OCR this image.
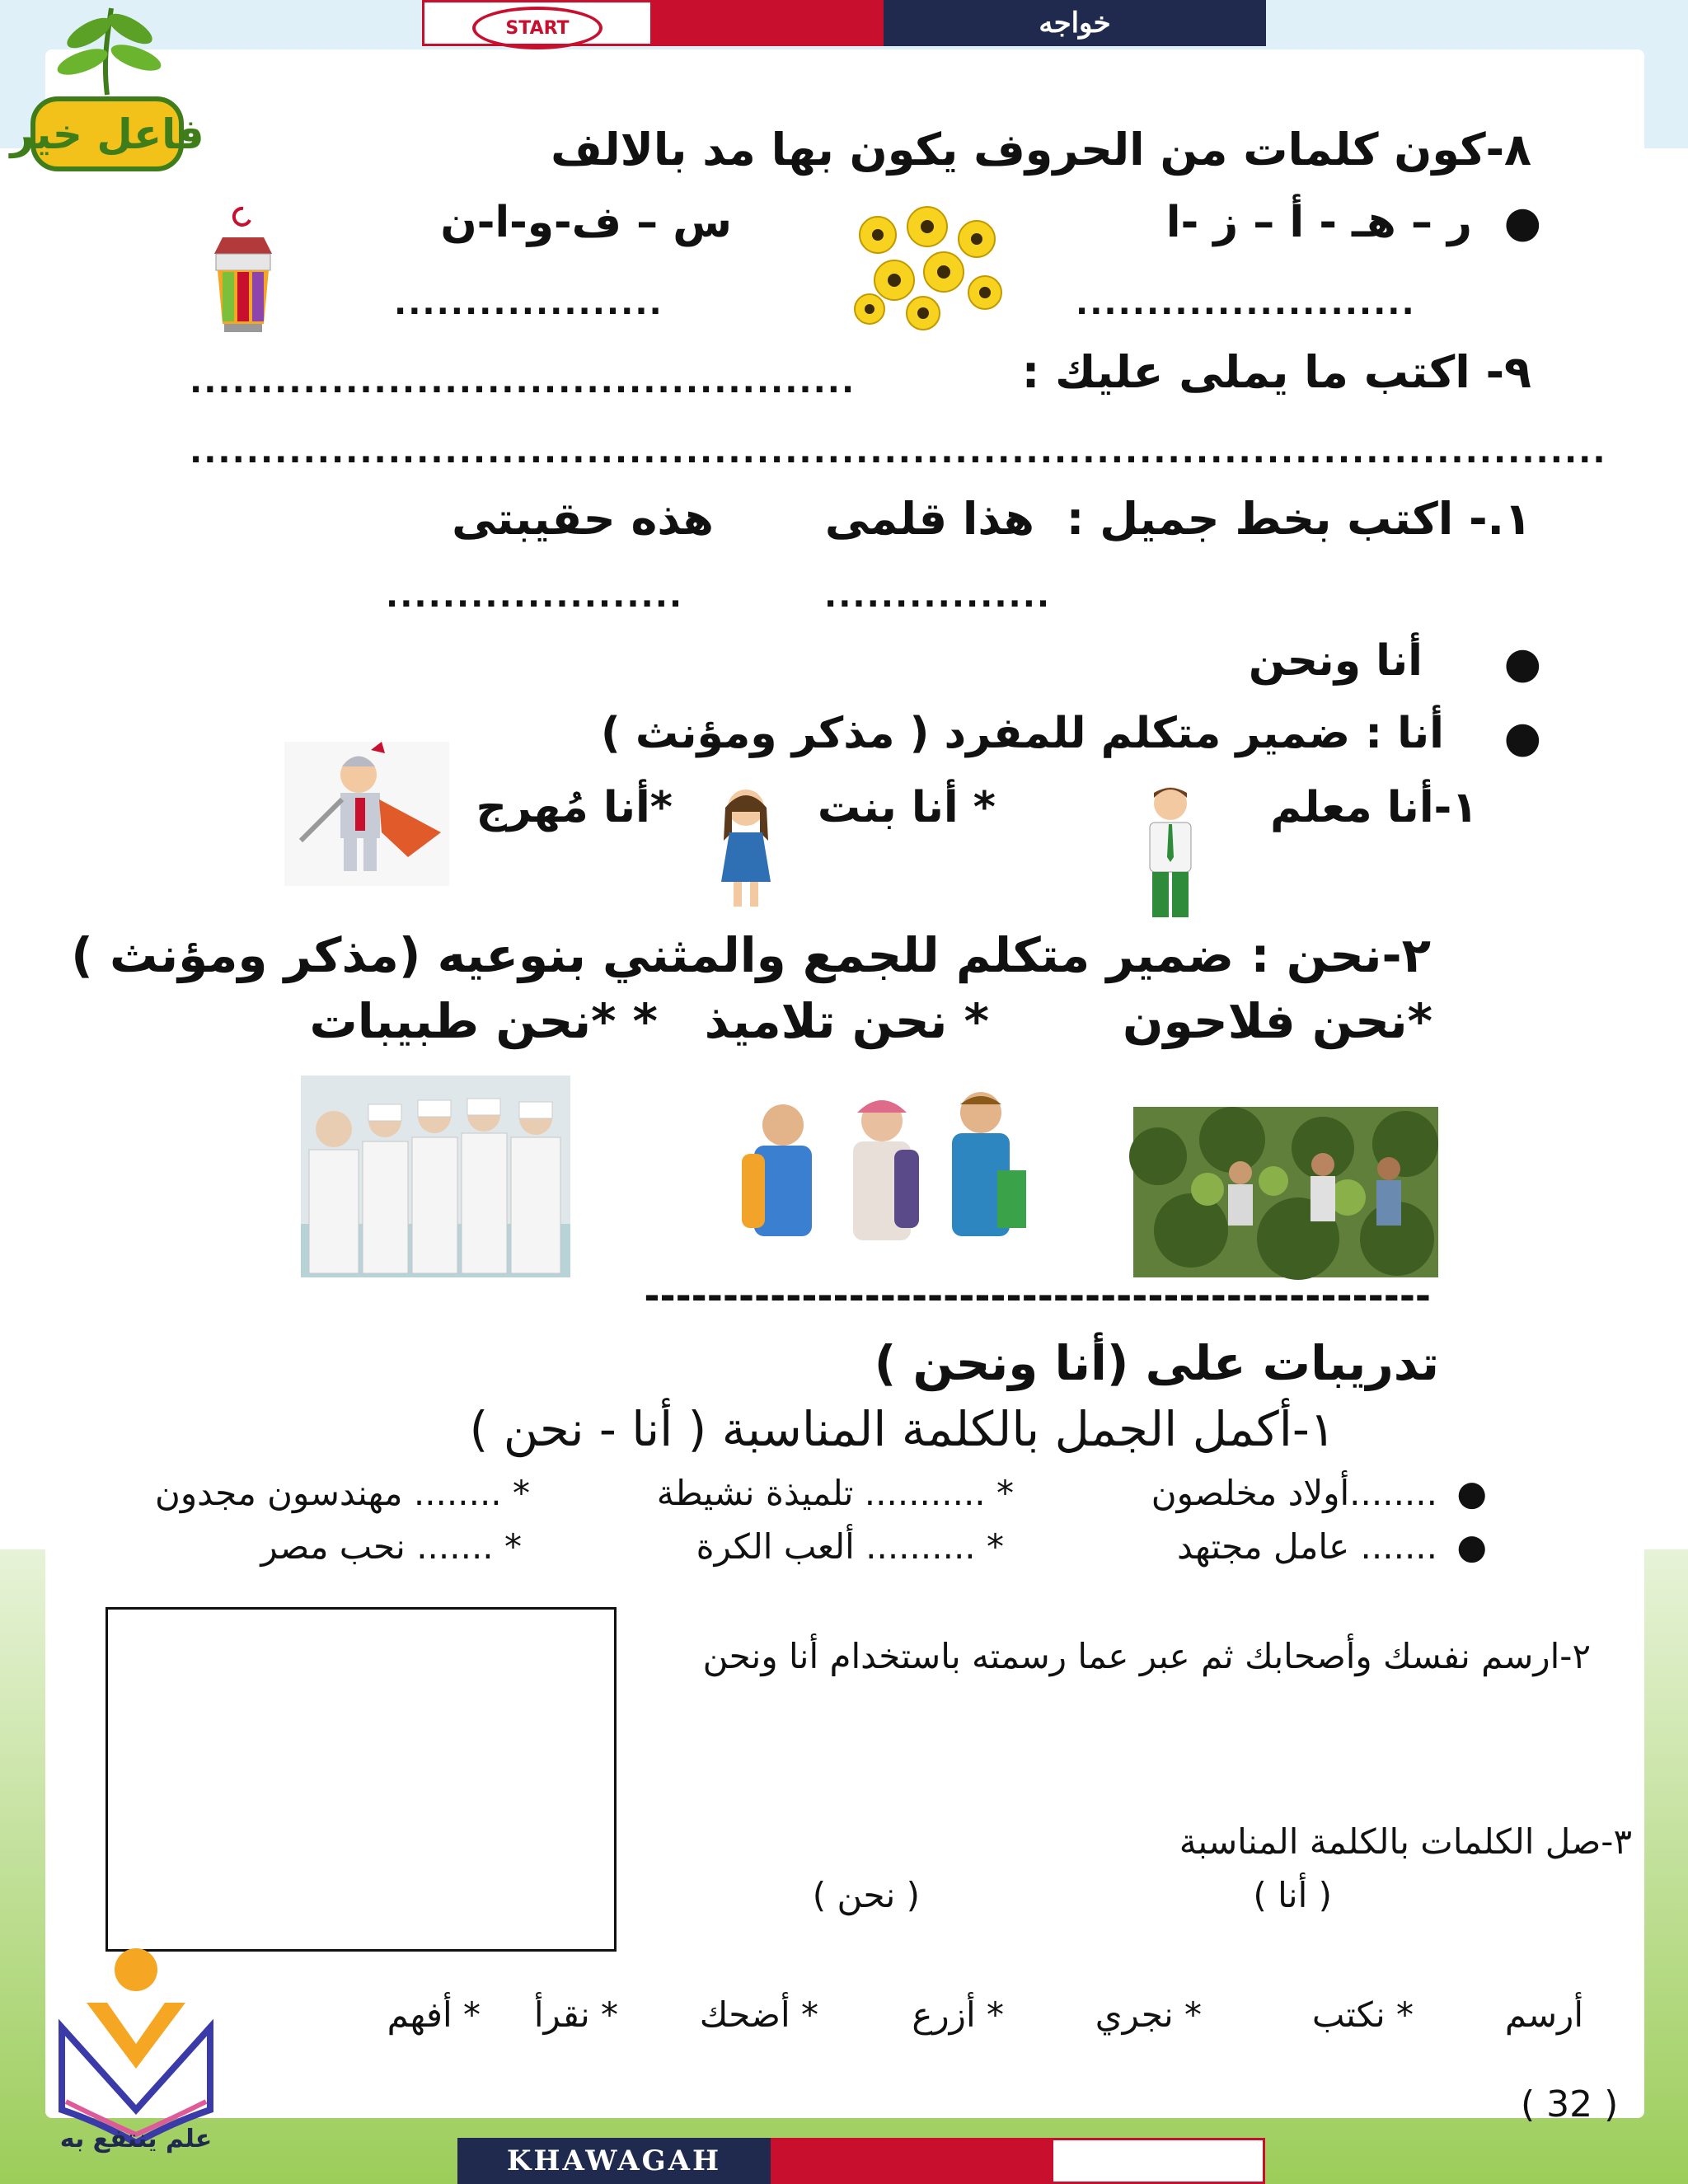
START	خواجه
فاعل خير	٨-كون كلمات من الحروف يكون بها مد بالالف
●
ر – هـ - أ – ز -ا
س – ف-و-ا-ن
........................
...................
٩- اكتب ما يملى عليك :
...............................................
....................................................................................................
١.- اكتب بخط جميل :
هذا قلمى
هذه حقيبتى
................
.....................
●
أنا ونحن
●
أنا : ضمير متكلم للمفرد ( مذكر ومؤنث )
١-أنا معلم
* أنا بنت
*أنا مُهرج
٢-نحن : ضمير متكلم للجمع والمثني بنوعيه (مذكر ومؤنث )
*نحن فلاحون
* نحن تلاميذ
* *نحن طبيبات
--------------------------------------------------
تدريبات على (أنا ونحن )
١-أكمل الجمل بالكلمة المناسبة ( أنا - نحن )
●
........أولاد مخلصون
* ........... تلميذة نشيطة
* ........ مهندسون مجدون
●
....... عامل مجتهد
* .......... ألعب الكرة
* ....... نحب مصر
٢-ارسم نفسك وأصحابك ثم عبر عما رسمته باستخدام أنا ونحن
٣-صل الكلمات بالكلمة المناسبة
( أنا )
( نحن )
أرسم
* نكتب
* نجري
* أزرع
* أضحك
* نقرأ
* أفهم
علم ينتفع به
( 32 )
KHAWAGAH
